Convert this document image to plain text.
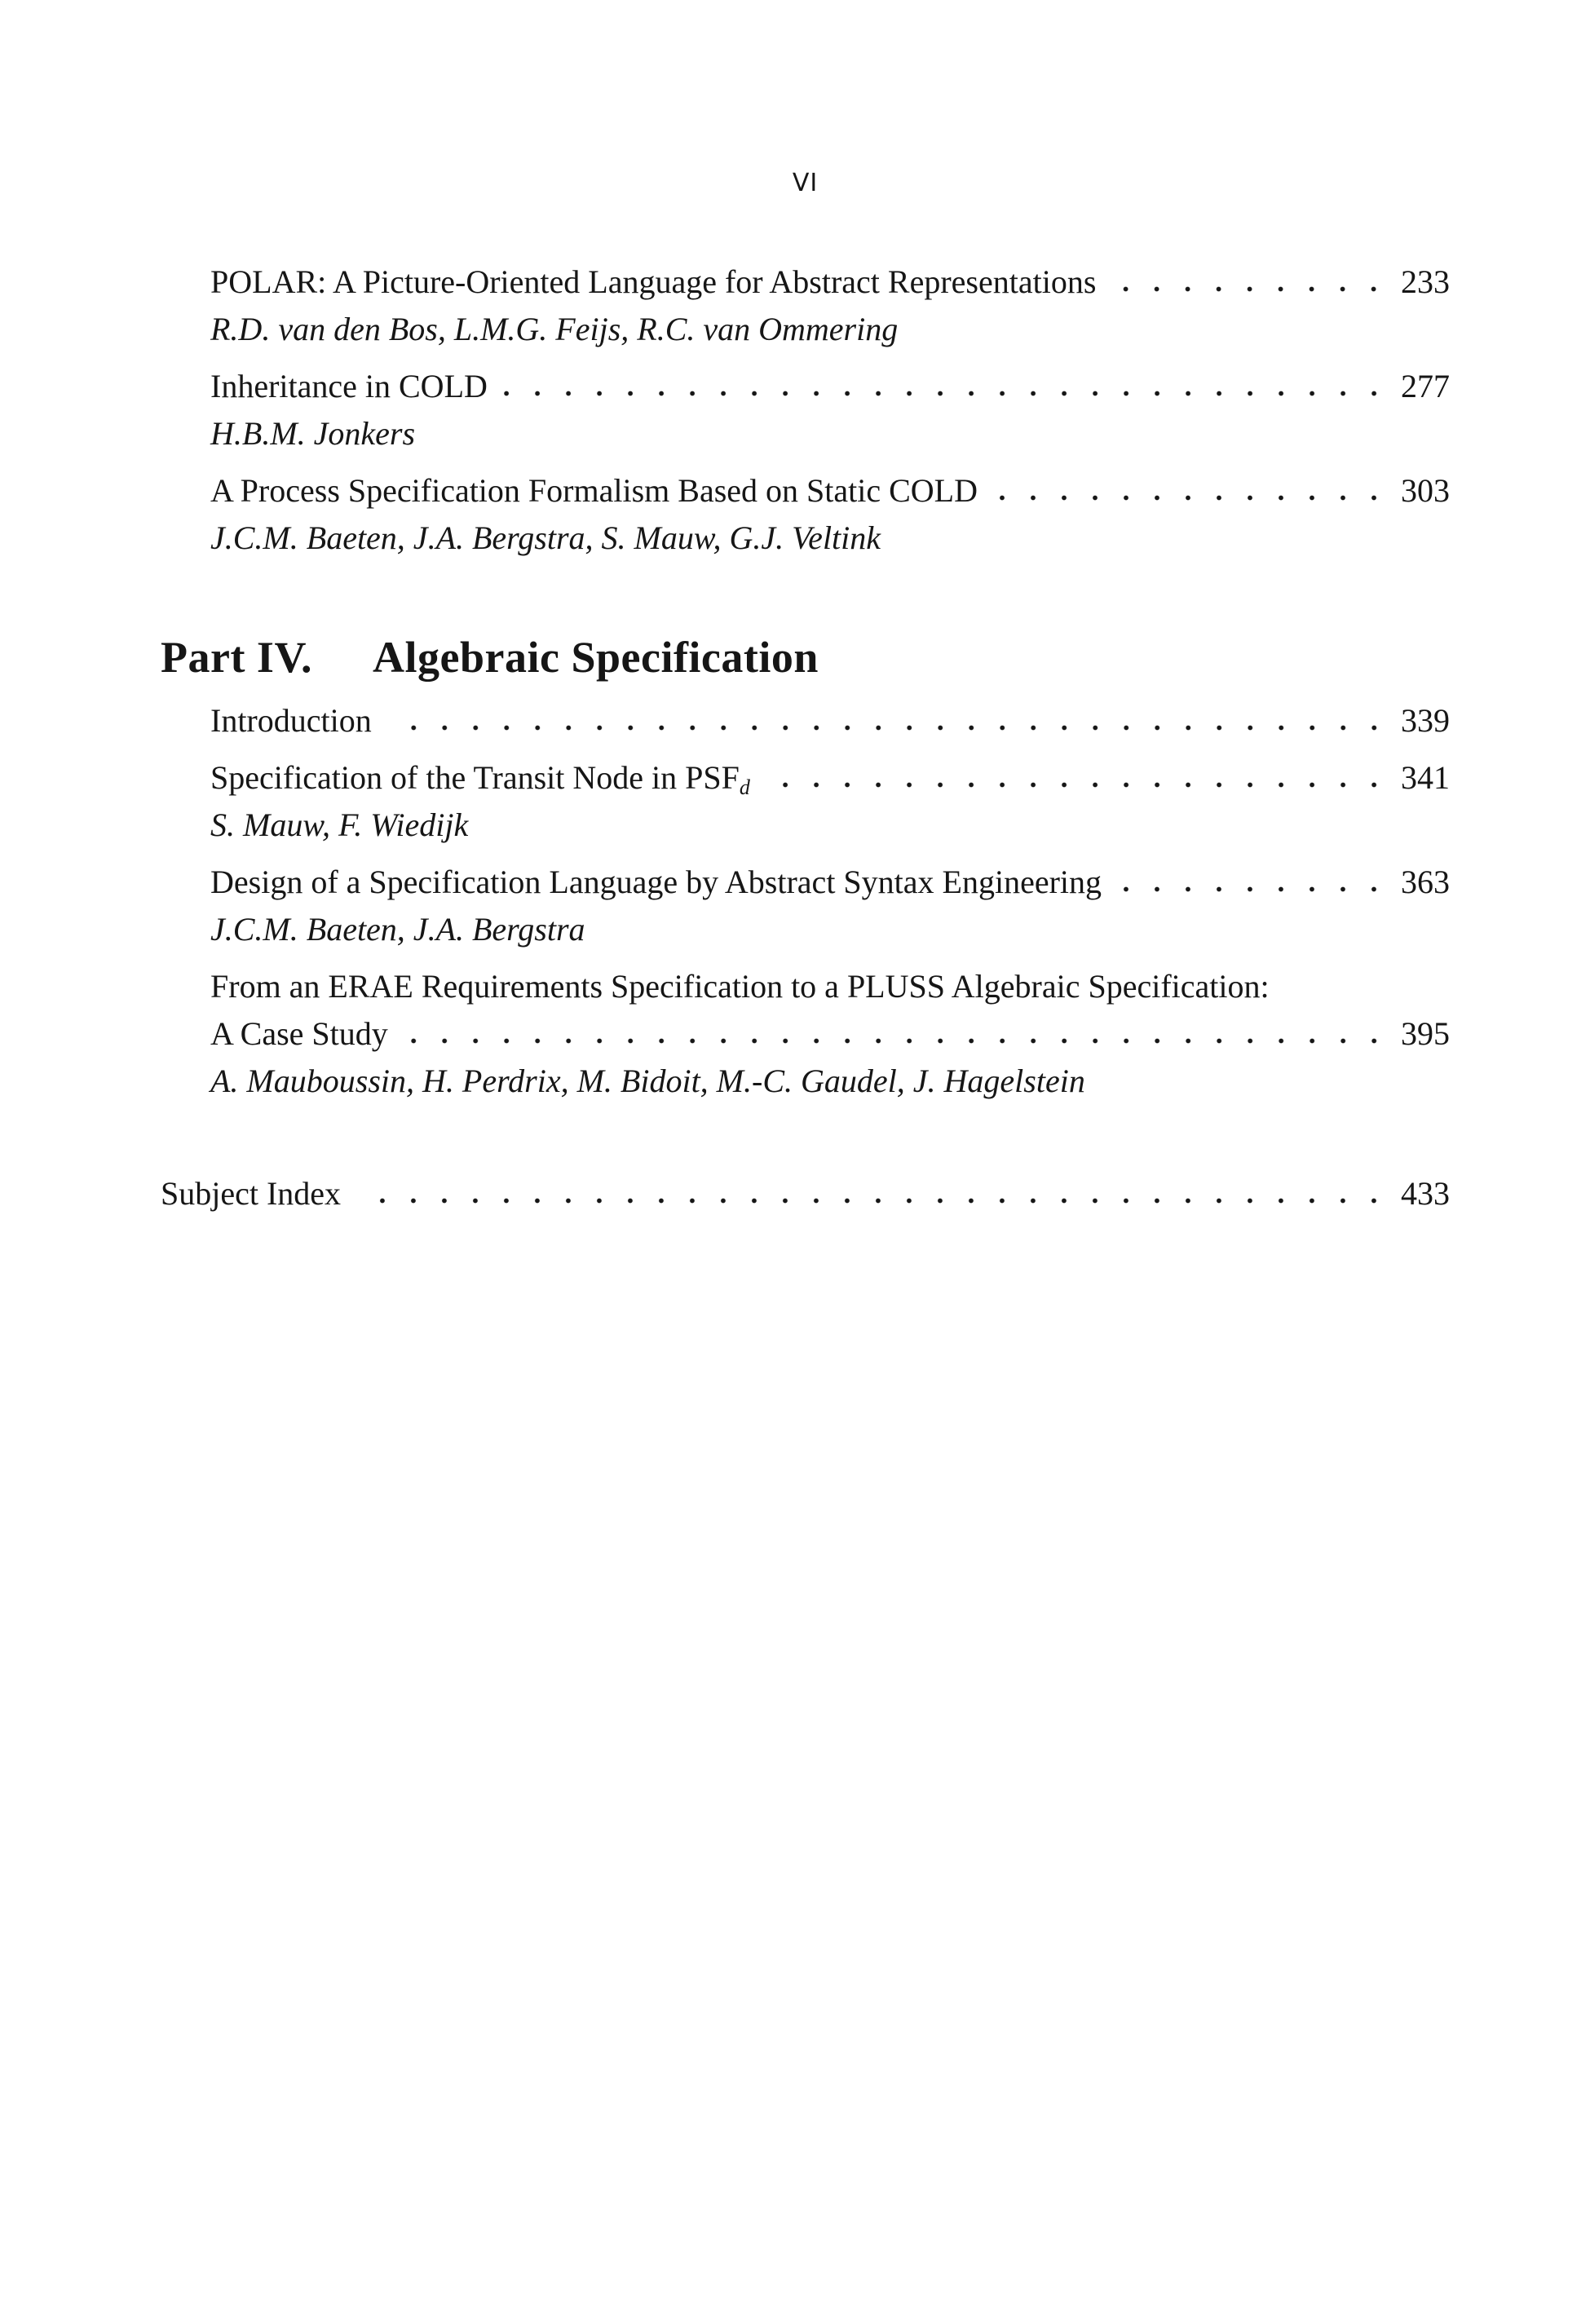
VI
POLAR: A Picture-Oriented Language for Abstract Representations	233
R.D. van den Bos, L.M.G. Feijs, R.C. van Ommering
Inheritance in COLD	277
H.B.M. Jonkers
A Process Specification Formalism Based on Static COLD	303
J.C.M. Baeten, J.A. Bergstra, S. Mauw, G.J. Veltink
Part IV. Algebraic Specification
Introduction	339
Specification of the Transit Node in $PSF_d$	341
S. Mauw, F. Wiedijk
Design of a Specification Language by Abstract Syntax Engineering	363
J.C.M. Baeten, J.A. Bergstra
From an ERAE Requirements Specification to a PLUSS Algebraic Specification:
A Case Study	395
A. Mauboussin, H. Perdrix, M. Bidoit, M.-C. Gaudel, J. Hagelstein
Subject Index	433
